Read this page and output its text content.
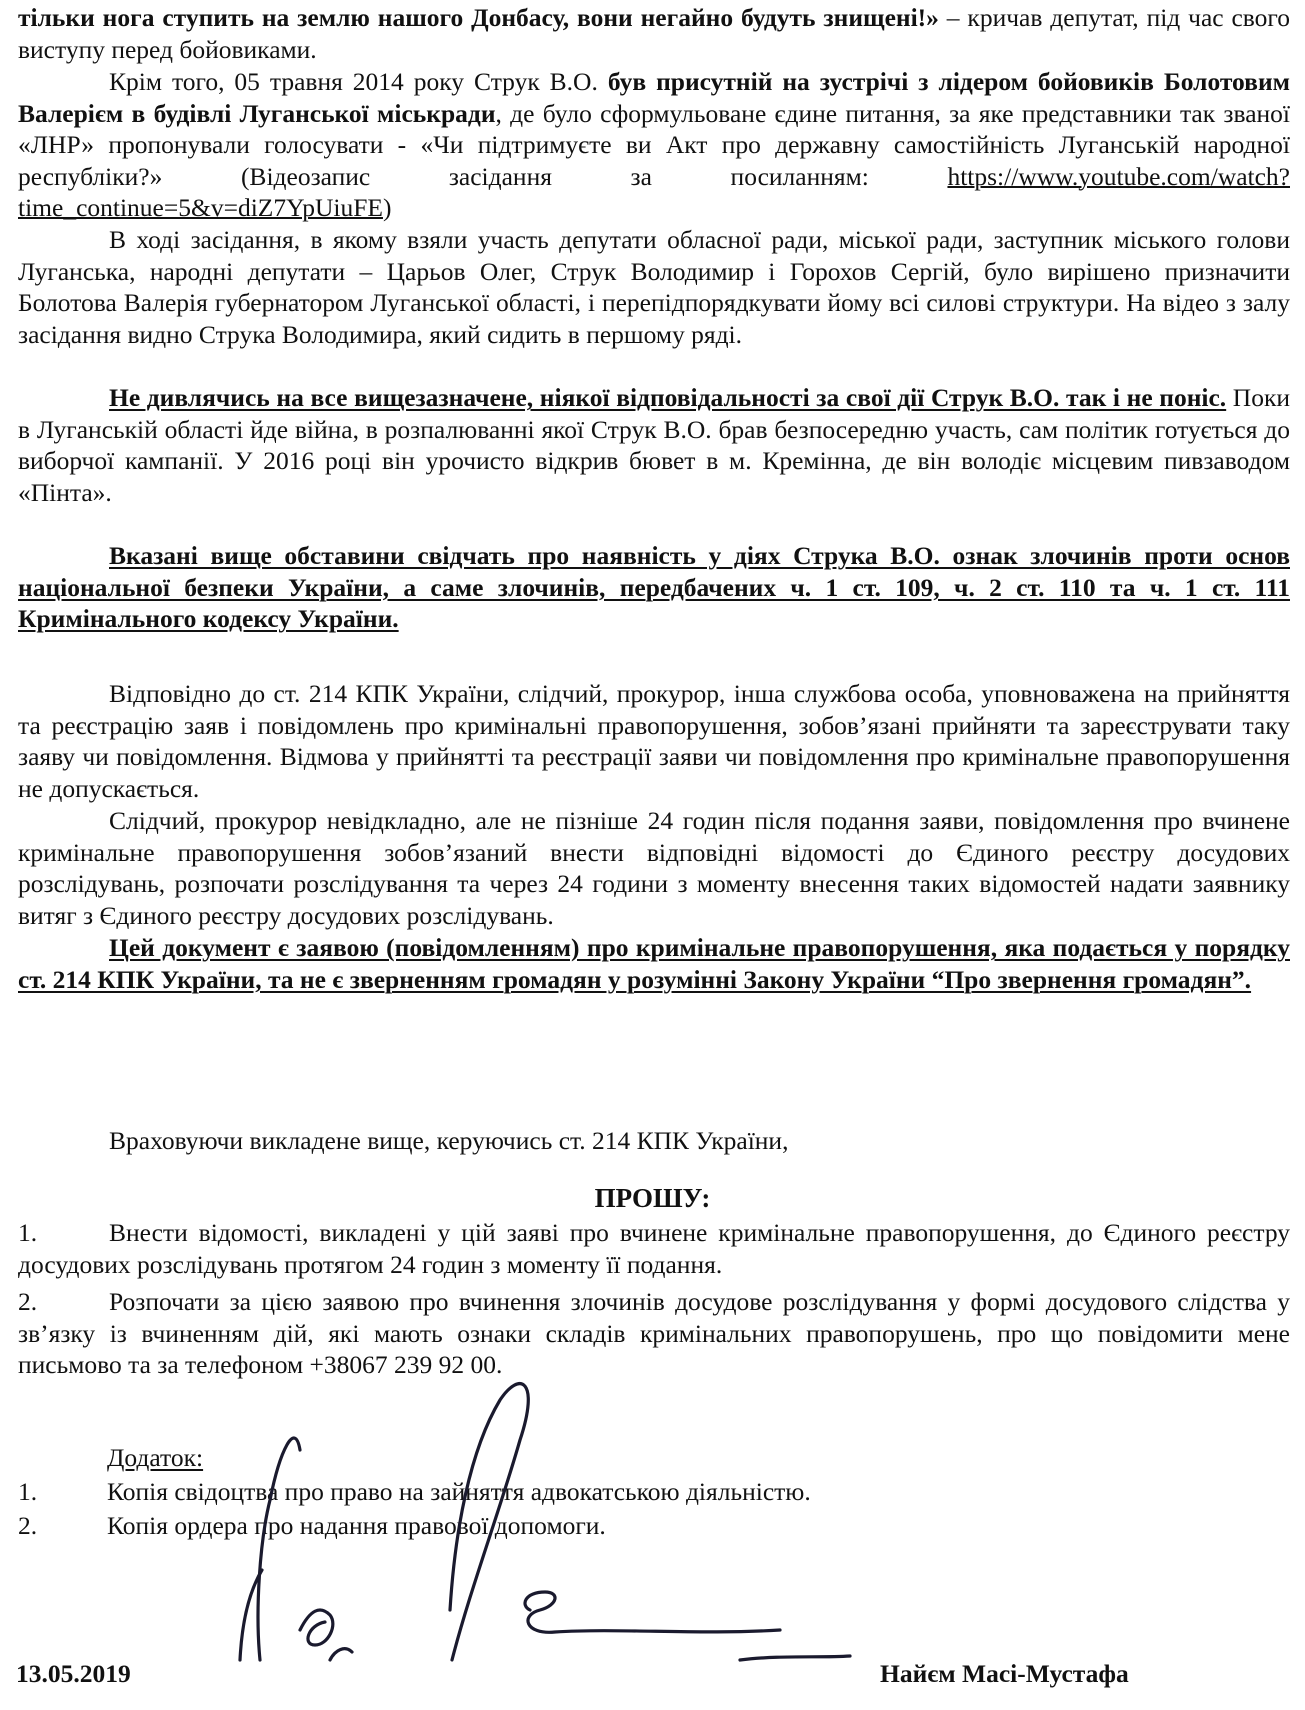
тільки нога ступить на землю нашого Донбасу, вони негайно будуть знищені!» – кричав депутат, під час свого виступу перед бойовиками.
Крім того, 05 травня 2014 року Струк В.О. був присутній на зустрічі з лідером бойовиків Болотовим Валерієм в будівлі Луганської міськради, де було сформульоване єдине питання, за яке представники так званої «ЛНР» пропонували голосувати - «Чи підтримуєте ви Акт про державну самостійність Луганській народної республіки?» (Відеозапис засідання за посиланням: https://www.youtube.com/watch?time_continue=5&v=diZ7YpUiuFE)
В ході засідання, в якому взяли участь депутати обласної ради, міської ради, заступник міського голови Луганська, народні депутати – Царьов Олег, Струк Володимир і Горохов Сергій, було вирішено призначити Болотова Валерія губернатором Луганської області, і перепідпорядкувати йому всі силові структури. На відео з залу засідання видно Струка Володимира, який сидить в першому ряді.
Не дивлячись на все вищезазначене, ніякої відповідальності за свої дії Струк В.О. так і не поніс. Поки в Луганській області йде війна, в розпалюванні якої Струк В.О. брав безпосередню участь, сам політик готується до виборчої кампанії. У 2016 році він урочисто відкрив бювет в м. Кремінна, де він володіє місцевим пивзаводом «Пінта».
Вказані вище обставини свідчать про наявність у діях Струка В.О. ознак злочинів проти основ національної безпеки України, а саме злочинів, передбачених ч. 1 ст. 109, ч. 2 ст. 110 та ч. 1 ст. 111 Кримінального кодексу України.
Відповідно до ст. 214 КПК України, слідчий, прокурор, інша службова особа, уповноважена на прийняття та реєстрацію заяв і повідомлень про кримінальні правопорушення, зобов’язані прийняти та зареєструвати таку заяву чи повідомлення. Відмова у прийнятті та реєстрації заяви чи повідомлення про кримінальне правопорушення не допускається.
Слідчий, прокурор невідкладно, але не пізніше 24 годин після подання заяви, повідомлення про вчинене кримінальне правопорушення зобов’язаний внести відповідні відомості до Єдиного реєстру досудових розслідувань, розпочати розслідування та через 24 години з моменту внесення таких відомостей надати заявнику витяг з Єдиного реєстру досудових розслідувань.
Цей документ є заявою (повідомленням) про кримінальне правопорушення, яка подається у порядку ст. 214 КПК України, та не є зверненням громадян у розумінні Закону України “Про звернення громадян”.
Враховуючи викладене вище, керуючись ст. 214 КПК України,
ПРОШУ:
1.	Внести відомості, викладені у цій заяві про вчинене кримінальне правопорушення, до Єдиного реєстру досудових розслідувань протягом 24 годин з моменту її подання.
2.	Розпочати за цією заявою про вчинення злочинів досудове розслідування у формі досудового слідства у зв’язку із вчиненням дій, які мають ознаки складів кримінальних правопорушень, про що повідомити мене письмово та за телефоном +38067 239 92 00.
Додаток:
1.	Копія свідоцтва про право на зайняття адвокатською діяльністю.
2.	Копія ордера про надання правової допомоги.
13.05.2019	Найєм Масі-Мустафа
